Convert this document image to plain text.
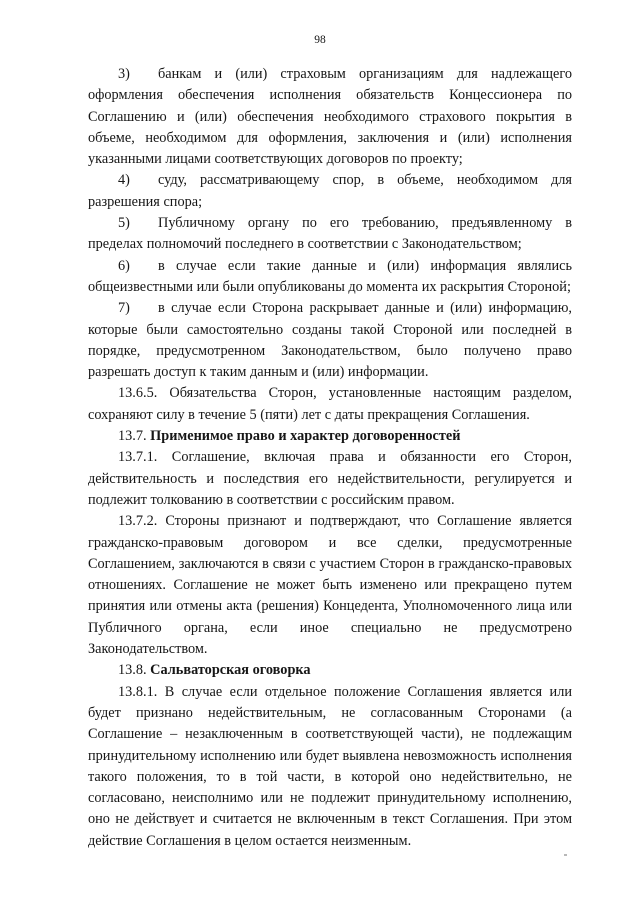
98

3) банкам и (или) страховым организациям для надлежащего оформления обеспечения исполнения обязательств Концессионера по Соглашению и (или) обеспечения необходимого страхового покрытия в объеме, необходимом для оформления, заключения и (или) исполнения указанными лицами соответствующих договоров по проекту;

4) суду, рассматривающему спор, в объеме, необходимом для разрешения спора;

5) Публичному органу по его требованию, предъявленному в пределах полномочий последнего в соответствии с Законодательством;

6) в случае если такие данные и (или) информация являлись общеизвестными или были опубликованы до момента их раскрытия Стороной;

7) в случае если Сторона раскрывает данные и (или) информацию, которые были самостоятельно созданы такой Стороной или последней в порядке, предусмотренном Законодательством, было получено право разрешать доступ к таким данным и (или) информации.

13.6.5. Обязательства Сторон, установленные настоящим разделом, сохраняют силу в течение 5 (пяти) лет с даты прекращения Соглашения.

13.7. Применимое право и характер договоренностей

13.7.1. Соглашение, включая права и обязанности его Сторон, действительность и последствия его недействительности, регулируется и подлежит толкованию в соответствии с российским правом.

13.7.2. Стороны признают и подтверждают, что Соглашение является гражданско-правовым договором и все сделки, предусмотренные Соглашением, заключаются в связи с участием Сторон в гражданско-правовых отношениях. Соглашение не может быть изменено или прекращено путем принятия или отмены акта (решения) Концедента, Уполномоченного лица или Публичного органа, если иное специально не предусмотрено Законодательством.

13.8. Сальваторская оговорка

13.8.1. В случае если отдельное положение Соглашения является или будет признано недействительным, не согласованным Сторонами (а Соглашение – незаключенным в соответствующей части), не подлежащим принудительному исполнению или будет выявлена невозможность исполнения такого положения, то в той части, в которой оно недействительно, не согласовано, неисполнимо или не подлежит принудительному исполнению, оно не действует и считается не включенным в текст Соглашения. При этом действие Соглашения в целом остается неизменным.
